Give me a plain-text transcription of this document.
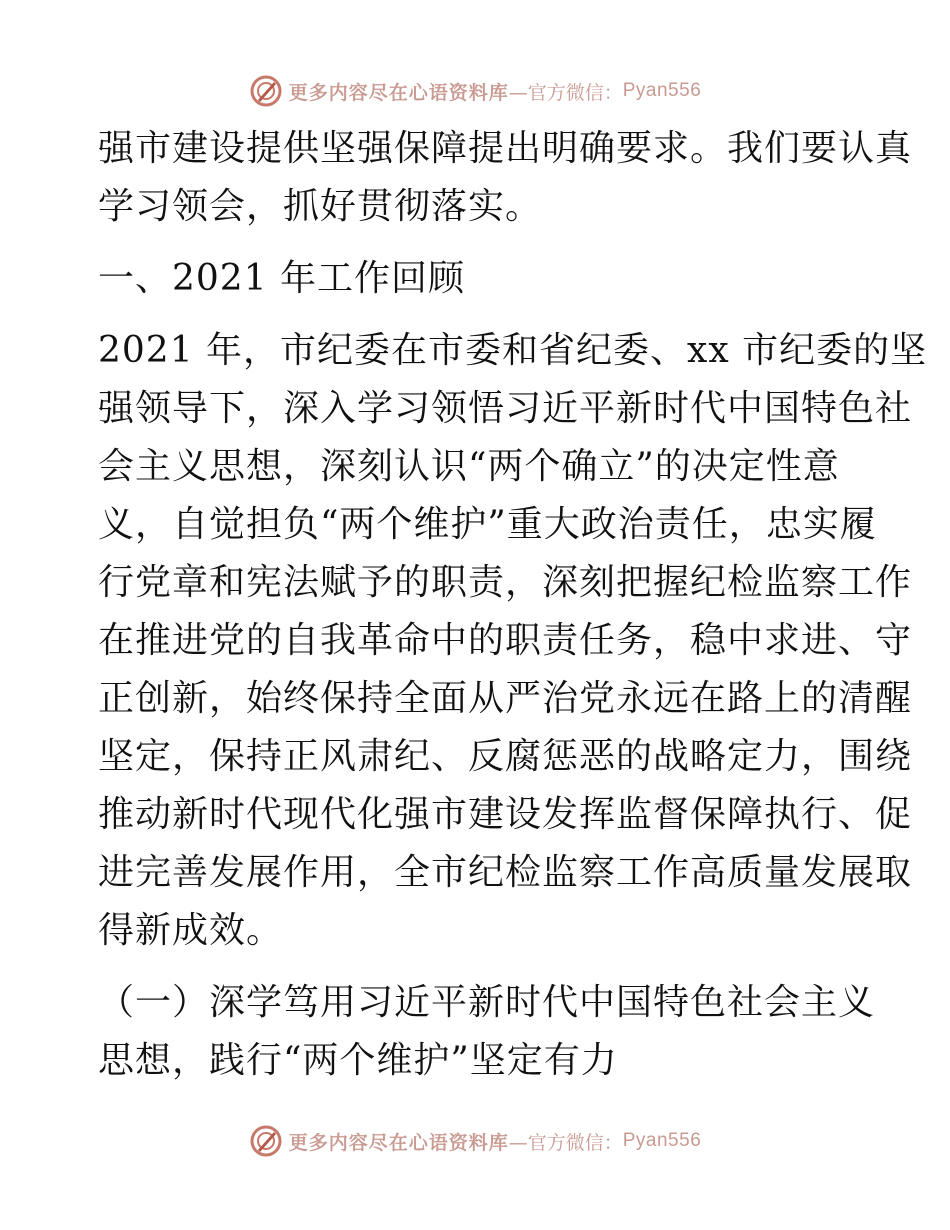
更多内容尽在心语资料库 —官方微信： Pyan556
强市建设提供坚强保障提出明确要求。我们要认真
学习领会，抓好贯彻落实。
一、2021 年工作回顾
2021 年，市纪委在市委和省纪委、xx 市纪委的坚
强领导下，深入学习领悟习近平新时代中国特色社
会主义思想，深刻认识“两个确立”的决定性意
义，自觉担负“两个维护”重大政治责任，忠实履
行党章和宪法赋予的职责，深刻把握纪检监察工作
在推进党的自我革命中的职责任务，稳中求进、守
正创新，始终保持全面从严治党永远在路上的清醒
坚定，保持正风肃纪、反腐惩恶的战略定力，围绕
推动新时代现代化强市建设发挥监督保障执行、促
进完善发展作用，全市纪检监察工作高质量发展取
得新成效。
（一）深学笃用习近平新时代中国特色社会主义
思想，践行“两个维护”坚定有力
更多内容尽在心语资料库 —官方微信： Pyan556
